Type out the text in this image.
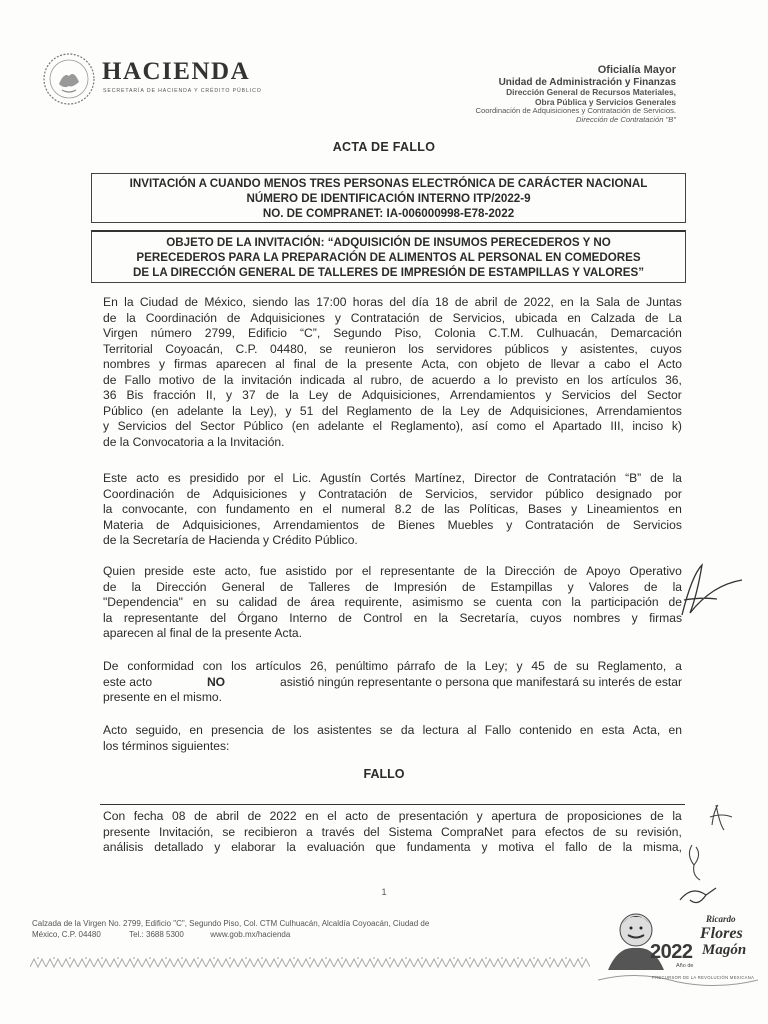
HACIENDA
SECRETARÍA DE HACIENDA Y CRÉDITO PÚBLICO
Oficialía Mayor
Unidad de Administración y Finanzas
Dirección General de Recursos Materiales,
Obra Pública y Servicios Generales
Coordinación de Adquisiciones y Contratación de Servicios.
Dirección de Contratación "B"
ACTA DE FALLO
INVITACIÓN A CUANDO MENOS TRES PERSONAS ELECTRÓNICA DE CARÁCTER NACIONAL
NÚMERO DE IDENTIFICACIÓN INTERNO ITP/2022-9
NO. DE COMPRANET: IA-006000998-E78-2022
OBJETO DE LA INVITACIÓN: “ADQUISICIÓN DE INSUMOS PERECEDEROS Y NO
PERECEDEROS PARA LA PREPARACIÓN DE ALIMENTOS AL PERSONAL EN COMEDORES
DE LA DIRECCIÓN GENERAL DE TALLERES DE IMPRESIÓN DE ESTAMPILLAS Y VALORES”
En la Ciudad de México, siendo las 17:00 horas del día 18 de abril de 2022, en la Sala de Juntas
de la Coordinación de Adquisiciones y Contratación de Servicios, ubicada en Calzada de La
Virgen número 2799, Edificio “C”, Segundo Piso, Colonia C.T.M. Culhuacán, Demarcación
Territorial Coyoacán, C.P. 04480, se reunieron los servidores públicos y asistentes, cuyos
nombres y firmas aparecen al final de la presente Acta, con objeto de llevar a cabo el Acto
de Fallo motivo de la invitación indicada al rubro, de acuerdo a lo previsto en los artículos 36,
36 Bis fracción II, y 37 de la Ley de Adquisiciones, Arrendamientos y Servicios del Sector
Público (en adelante la Ley), y 51 del Reglamento de la Ley de Adquisiciones, Arrendamientos
y Servicios del Sector Público (en adelante el Reglamento), así como el Apartado III, inciso k)
de la Convocatoria a la Invitación.
Este acto es presidido por el Lic. Agustín Cortés Martínez, Director de Contratación “B” de la
Coordinación de Adquisiciones y Contratación de Servicios, servidor público designado por
la convocante, con fundamento en el numeral 8.2 de las Políticas, Bases y Lineamientos en
Materia de Adquisiciones, Arrendamientos de Bienes Muebles y Contratación de Servicios
de la Secretaría de Hacienda y Crédito Público.
Quien preside este acto, fue asistido por el representante de la Dirección de Apoyo Operativo
de la Dirección General de Talleres de Impresión de Estampillas y Valores de la
"Dependencia" en su calidad de área requirente, asimismo se cuenta con la participación de
la representante del Órgano Interno de Control en la Secretaría, cuyos nombres y firmas
aparecen al final de la presente Acta.
De conformidad con los artículos 26, penúltimo párrafo de la Ley; y 45 de su Reglamento, a
este acto	NO	asistió ningún representante o persona que manifestará su interés de estar
presente en el mismo.
Acto seguido, en presencia de los asistentes se da lectura al Fallo contenido en esta Acta, en
los términos siguientes:
FALLO
Con fecha 08 de abril de 2022 en el acto de presentación y apertura de proposiciones de la
presente Invitación, se recibieron a través del Sistema CompraNet para efectos de su revisión,
análisis detallado y elaborar la evaluación que fundamenta y motiva el fallo de la misma,
1
Calzada de la Virgen No. 2799, Edificio "C", Segundo Piso, Col. CTM Culhuacán, Alcaldía Coyoacán, Ciudad de
México, C.P. 04480	Tel.: 3688 5300	www.gob.mx/hacienda
2022
Ricardo
Flores
Magón
Año de
PRECURSOR DE LA REVOLUCIÓN MEXICANA
